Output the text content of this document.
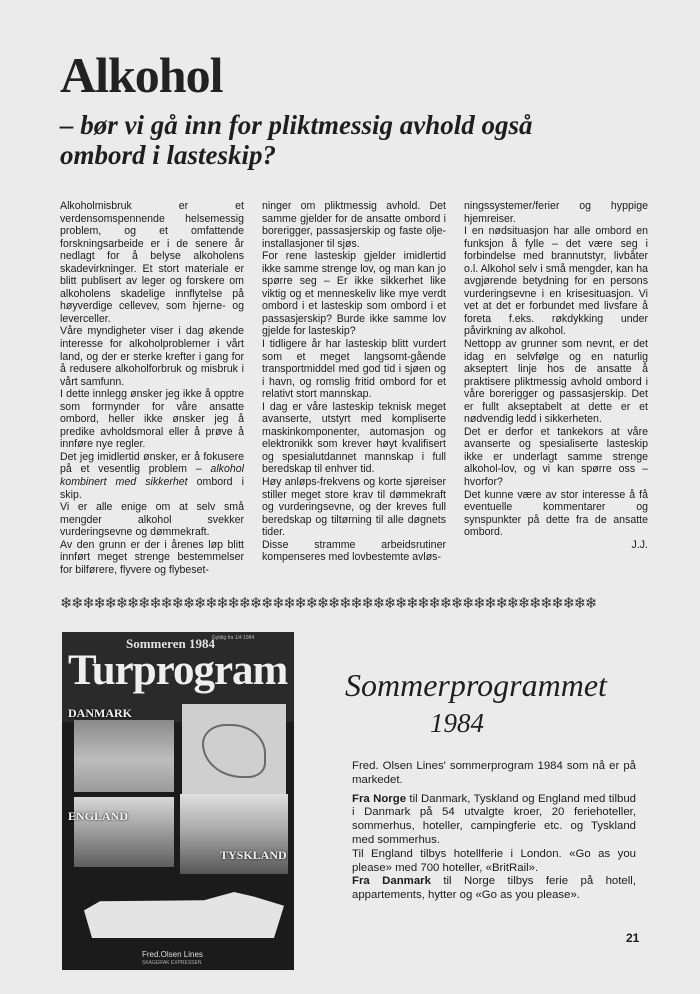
Alkohol
– bør vi gå inn for pliktmessig avhold også ombord i lasteskip?

Alkoholmisbruk er et verdensomspennende helsemessig problem, og et omfattende forskningsarbeide er i de senere år nedlagt for å belyse alkoholens skadevirkninger. Et stort materiale er blitt publisert av leger og forskere om alkoholens skadelige innflytelse på høyverdige cellevev, som hjerne- og leverceller.

Våre myndigheter viser i dag økende interesse for alkoholproblemer i vårt land, og der er sterke krefter i gang for å redusere alkoholforbruk og misbruk i vårt samfunn.

I dette innlegg ønsker jeg ikke å opptre som formynder for våre ansatte ombord, heller ikke ønsker jeg å predike avholdsmoral eller å prøve å innføre nye regler.

Det jeg imidlertid ønsker, er å fokusere på et vesentlig problem – alkohol kombinert med sikkerhet ombord i skip.

Vi er alle enige om at selv små mengder alkohol svekker vurderingsevne og dømmekraft.

Av den grunn er der i årenes løp blitt innført meget strenge bestemmelser for bilførere, flyvere og flybeset-

ninger om pliktmessig avhold. Det samme gjelder for de ansatte ombord i borerigger, passasjerskip og faste olje-installasjoner til sjøs.

For rene lasteskip gjelder imidlertid ikke samme strenge lov, og man kan jo spørre seg – Er ikke sikkerhet like viktig og et menneskeliv like mye verdt ombord i et lasteskip som ombord i et passasjerskip? Burde ikke samme lov gjelde for lasteskip?

I tidligere år har lasteskip blitt vurdert som et meget langsomt-gående transportmiddel med god tid i sjøen og i havn, og romslig fritid ombord for et relativt stort mannskap.

I dag er våre lasteskip teknisk meget avanserte, utstyrt med kompliserte maskinkomponenter, automasjon og elektronikk som krever høyt kvalifisert og spesialutdannet mannskap i full beredskap til enhver tid.

Høy anløps-frekvens og korte sjøreiser stiller meget store krav til dømmekraft og vurderingsevne, og der kreves full beredskap og tiltørning til alle døgnets tider.

Disse stramme arbeidsrutiner kompenseres med lovbestemte avløs-

ningssystemer/ferier og hyppige hjemreiser.

I en nødsituasjon har alle ombord en funksjon å fylle – det være seg i forbindelse med brannutstyr, livbåter o.l. Alkohol selv i små mengder, kan ha avgjørende betydning for en persons vurderingsevne i en krisesituasjon. Vi vet at det er forbundet med livsfare å foreta f.eks. røkdykking under påvirkning av alkohol.

Nettopp av grunner som nevnt, er det idag en selvfølge og en naturlig akseptert linje hos de ansatte å praktisere pliktmessig avhold ombord i våre borerigger og passasjerskip. Det er fullt akseptabelt at dette er et nødvendig ledd i sikkerheten.

Det er derfor et tankekors at våre avanserte og spesialiserte lasteskip ikke er underlagt samme strenge alkohol-lov, og vi kan spørre oss – hvorfor?

Det kunne være av stor interesse å få eventuelle kommentarer og synspunkter på dette fra de ansatte ombord.

J.J.

❄❄❄❄❄❄❄❄❄❄❄❄❄❄❄❄❄❄❄❄❄❄❄❄❄❄❄❄❄❄❄❄❄❄❄❄❄❄❄❄❄❄❄❄❄❄❄❄
Gyldig fra 1/4 1984
Sommeren 1984
Turprogram
DANMARK
ENGLAND
TYSKLAND
Fred.Olsen Lines
SKAGERAK EXPRESSEN
Sommerprogrammet
1984

Fred. Olsen Lines' sommerprogram 1984 som nå er på markedet.

Fra Norge til Danmark, Tyskland og England med tilbud i Danmark på 54 utvalgte kroer, 20 feriehoteller, sommerhus, hoteller, campingferie etc. og Tyskland med sommerhus.
Til England tilbys hotellferie i London. «Go as you please» med 700 hoteller, «BritRail».
Fra Danmark til Norge tilbys ferie på hotell, appartements, hytter og «Go as you please».

21
